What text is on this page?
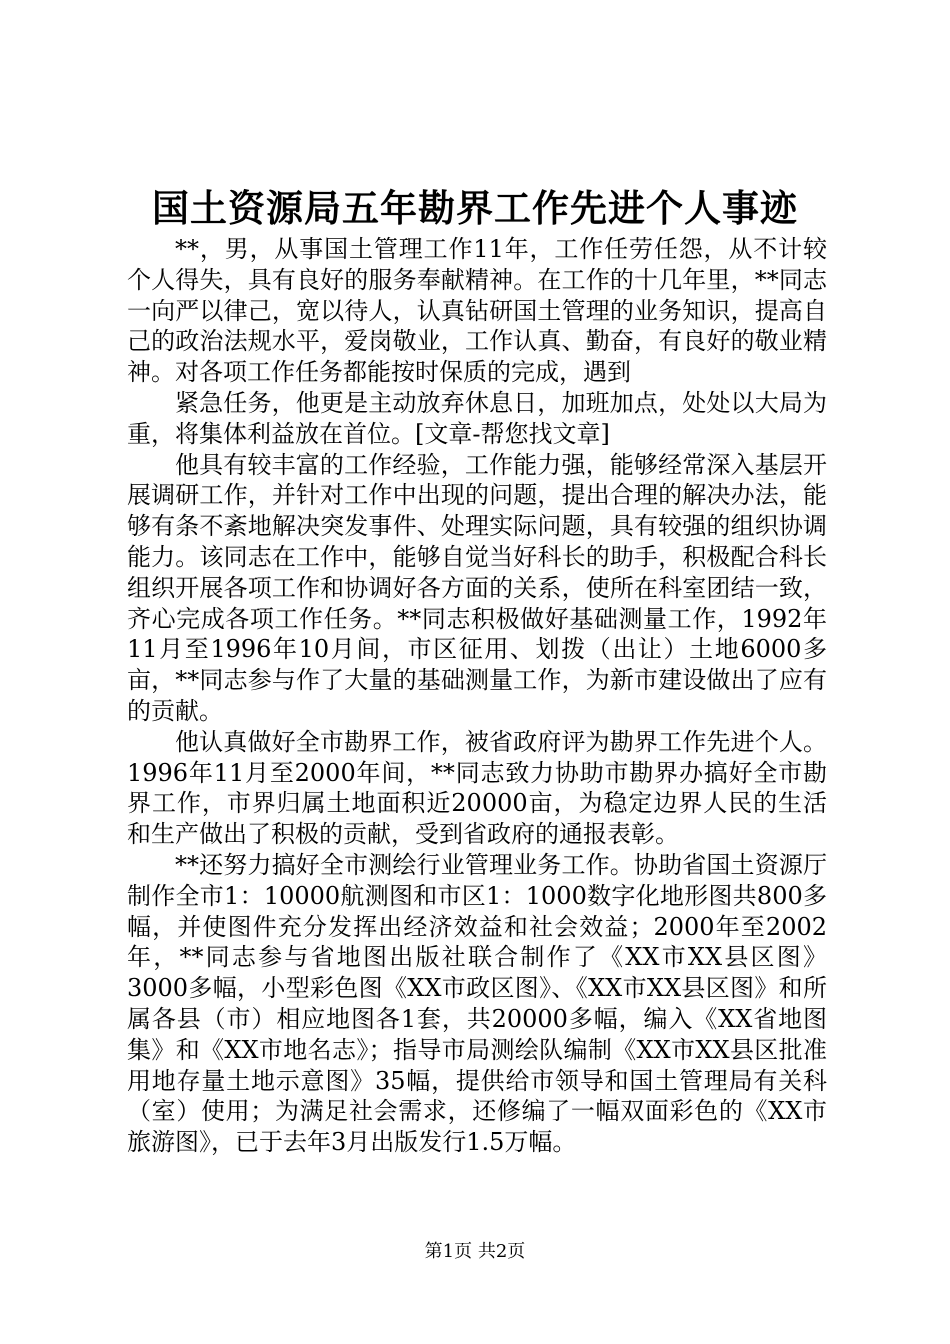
国土资源局五年勘界工作先进个人事迹

**，男，从事国土管理工作11年，工作任劳任怨，从不计较个人得失，具有良好的服务奉献精神。在工作的十几年里，**同志一向严以律己，宽以待人，认真钻研国土管理的业务知识，提高自己的政治法规水平，爱岗敬业，工作认真、勤奋，有良好的敬业精神。对各项工作任务都能按时保质的完成，遇到

紧急任务，他更是主动放弃休息日，加班加点，处处以大局为重，将集体利益放在首位。[文章-帮您找文章]

他具有较丰富的工作经验，工作能力强，能够经常深入基层开展调研工作，并针对工作中出现的问题，提出合理的解决办法，能够有条不紊地解决突发事件、处理实际问题，具有较强的组织协调能力。该同志在工作中，能够自觉当好科长的助手，积极配合科长组织开展各项工作和协调好各方面的关系，使所在科室团结一致，齐心完成各项工作任务。**同志积极做好基础测量工作，1992年11月至1996年10月间，市区征用、划拨（出让）土地6000多亩，**同志参与作了大量的基础测量工作，为新市建设做出了应有的贡献。

他认真做好全市勘界工作，被省政府评为勘界工作先进个人。1996年11月至2000年间，**同志致力协助市勘界办搞好全市勘界工作，市界归属土地面积近20000亩，为稳定边界人民的生活和生产做出了积极的贡献，受到省政府的通报表彰。

**还努力搞好全市测绘行业管理业务工作。协助省国土资源厅制作全市1：10000航测图和市区1：1000数字化地形图共800多幅，并使图件充分发挥出经济效益和社会效益；2000年至2002年，**同志参与省地图出版社联合制作了《XX市XX县区图》3000多幅，小型彩色图《XX市政区图》、《XX市XX县区图》和所属各县（市）相应地图各1套，共20000多幅，编入《XX省地图集》和《XX市地名志》；指导市局测绘队编制《XX市XX县区批准用地存量土地示意图》35幅，提供给市领导和国土管理局有关科（室）使用；为满足社会需求，还修编了一幅双面彩色的《XX市旅游图》，已于去年3月出版发行1.5万幅。

第1页 共2页
